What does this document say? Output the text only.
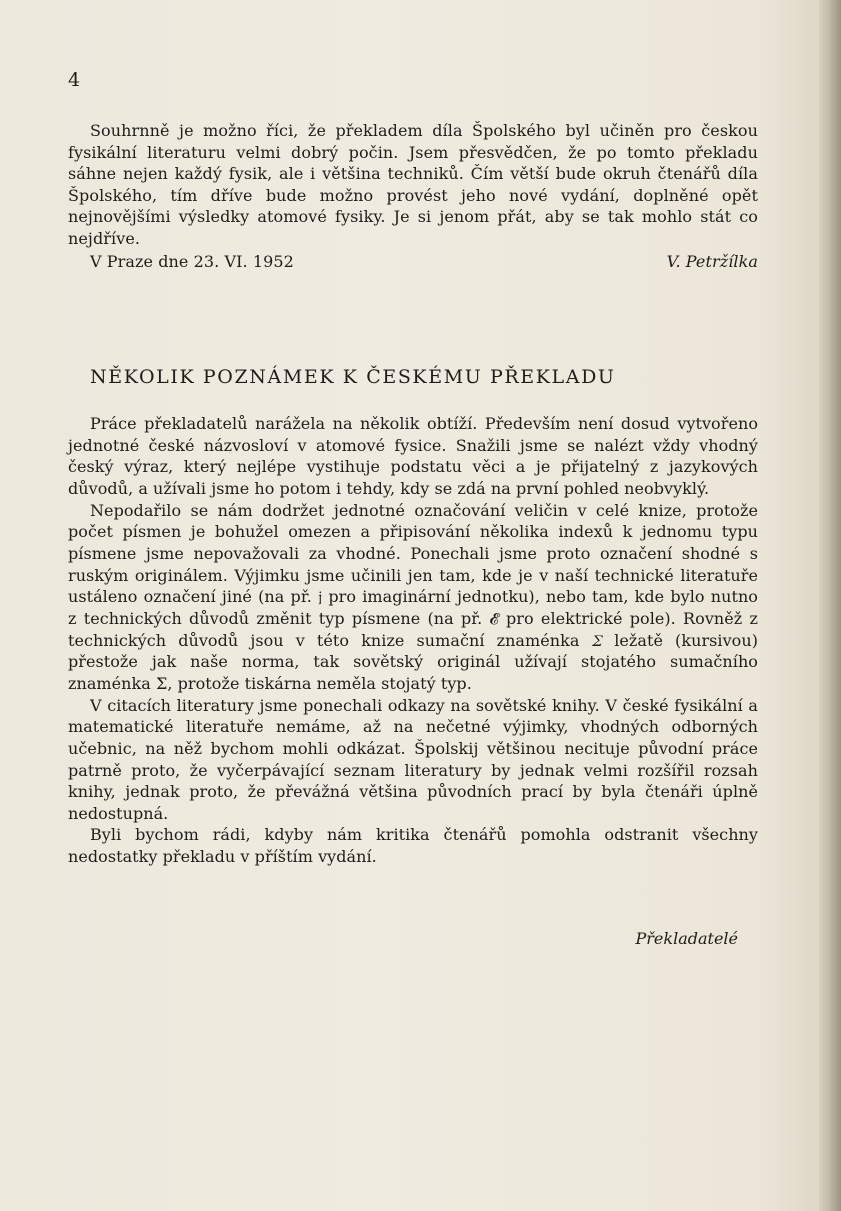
4

Souhrnně je možno říci, že překladem díla Špolského byl učiněn pro českou fysikální literaturu velmi dobrý počin. Jsem přesvědčen, že po tomto překladu sáhne nejen každý fysik, ale i většina techniků. Čím větší bude okruh čtenářů díla Špolského, tím dříve bude možno provést jeho nové vydání, doplněné opět nejnovějšími výsledky atomové fysiky. Je si jenom přát, aby se tak mohlo stát co nejdříve.

V Praze dne 23. VI. 1952	V. Petržílka
NĚKOLIK POZNÁMEK K ČESKÉMU PŘEKLADU

Práce překladatelů narážela na několik obtíží. Především není dosud vytvořeno jednotné české názvosloví v atomové fysice. Snažili jsme se nalézt vždy vhodný český výraz, který nejlépe vystihuje podstatu věci a je přijatelný z jazykových důvodů, a užívali jsme ho potom i tehdy, kdy se zdá na první pohled neobvyklý.

Nepodařilo se nám dodržet jednotné označování veličin v celé knize, protože počet písmen je bohužel omezen a připisování několika indexů k jednomu typu písmene jsme nepovažovali za vhodné. Ponechali jsme proto označení shodné s ruským originálem. Výjimku jsme učinili jen tam, kde je v naší technické literatuře ustáleno označení jiné (na př. 𝔧 pro imaginární jednotku), nebo tam, kde bylo nutno z technických důvodů změnit typ písmene (na př. 𝓔 pro elektrické pole). Rovněž z technických důvodů jsou v této knize sumační znaménka 𝛴 ležatě (kursivou) přestože jak naše norma, tak sovětský originál užívají stojatého sumačního znaménka Σ, protože tiskárna neměla stojatý typ.

V citacích literatury jsme ponechali odkazy na sovětské knihy. V české fysikální a matematické literatuře nemáme, až na nečetné výjimky, vhodných odborných učebnic, na něž bychom mohli odkázat. Špolskij většinou necituje původní práce patrně proto, že vyčerpávající seznam literatury by jednak velmi rozšířil rozsah knihy, jednak proto, že převážná většina původních prací by byla čtenáři úplně nedostupná.

Byli bychom rádi, kdyby nám kritika čtenářů pomohla odstranit všechny nedostatky překladu v příštím vydání.

Překladatelé
